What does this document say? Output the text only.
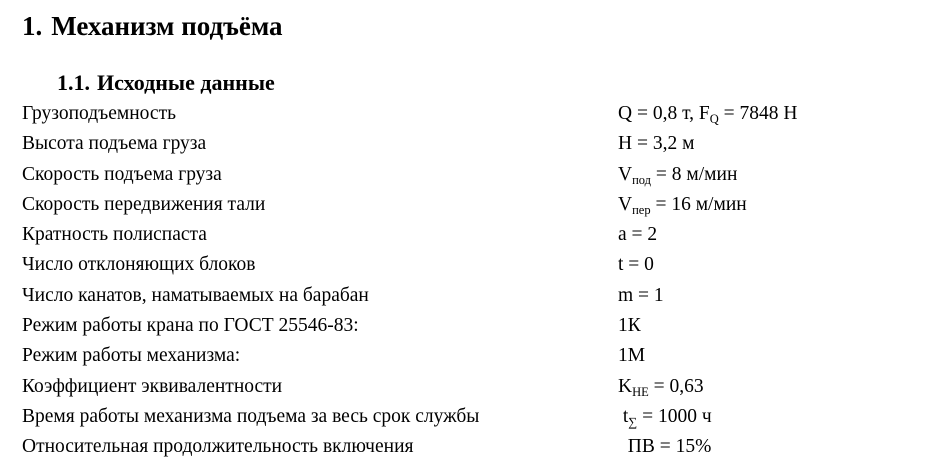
1. Механизм подъёма
1.1. Исходные данные
Грузоподъемность	Q = 0,8 т, $F_Q = 7848$ Н
Высота подъема груза	Н = 3,2 м
Скорость подъема груза	$V_{под} = 8$ м/мин
Скорость передвижения тали	$V_{пер} = 16$ м/мин
Кратность полиспаста	а = 2
Число отклоняющих блоков	t = 0
Число канатов, наматываемых на барабан	m = 1
Режим работы крана по ГОСТ 25546-83:	1К
Режим работы механизма:	1М
Коэффициент эквивалентности	$K_{HE} = 0,63$
Время работы механизма подъема за весь срок службы	$t_\sum = 1000$ ч
Относительная продолжительность включения	ПВ = 15%
